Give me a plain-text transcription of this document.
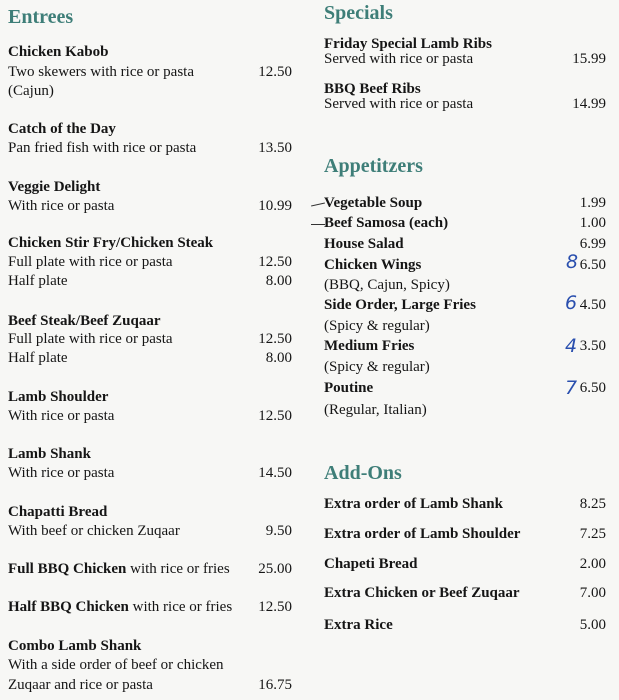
Entrees
Chicken Kabob
Two skewers with rice or pasta	12.50
(Cajun)
Catch of the Day
Pan fried fish with rice or pasta	13.50
Veggie Delight
With rice or pasta	10.99
Chicken Stir Fry/Chicken Steak
Full plate with rice or pasta	12.50
Half plate	8.00
Beef Steak/Beef Zuqaar
Full plate with rice or pasta	12.50
Half plate	8.00
Lamb Shoulder
With rice or pasta	12.50
Lamb Shank
With rice or pasta	14.50
Chapatti Bread
With beef or chicken Zuqaar	9.50
Full BBQ Chicken with rice or fries 25.00
Half BBQ Chicken with rice or fries 12.50
Combo Lamb Shank
With a side order of beef or chicken
Zuqaar and rice or pasta	16.75
Specials
Friday Special Lamb Ribs
Served with rice or pasta	15.99
BBQ Beef Ribs
Served with rice or pasta	14.99
Appetitzers
Vegetable Soup	1.99
Beef Samosa (each)	1.00
House Salad	6.99
Chicken Wings	6.50
8
(BBQ, Cajun, Spicy)
Side Order, Large Fries	4.50
6
(Spicy & regular)
Medium Fries	3.50
4
(Spicy & regular)
Poutine	6.50
7
(Regular, Italian)
Add-Ons
Extra order of Lamb Shank	8.25
Extra order of Lamb Shoulder	7.25
Chapeti Bread	2.00
Extra Chicken or Beef Zuqaar	7.00
Extra Rice	5.00
